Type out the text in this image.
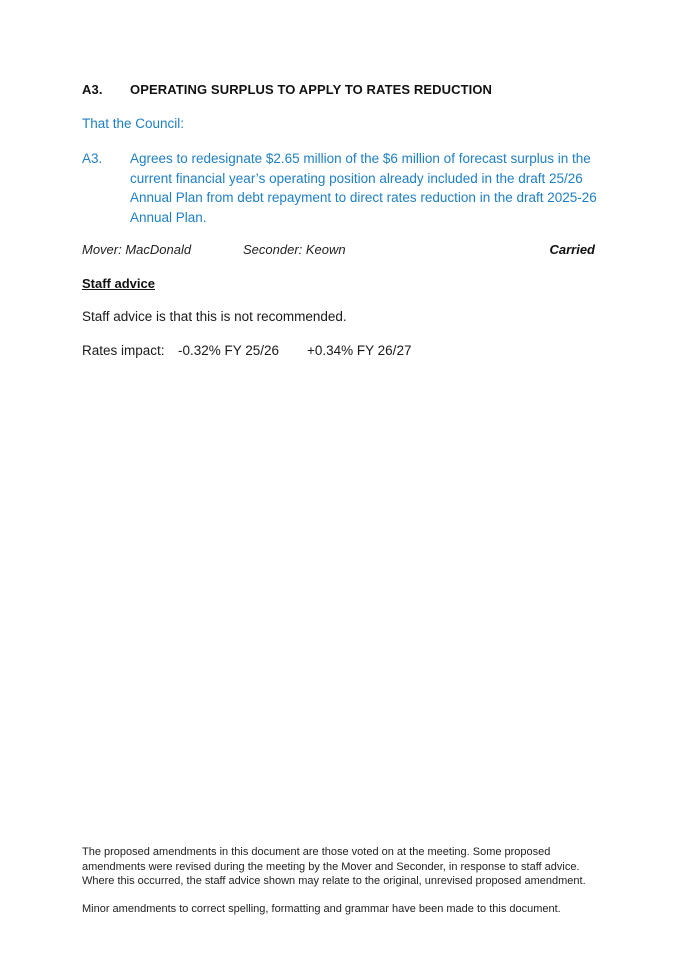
A3. OPERATING SURPLUS TO APPLY TO RATES REDUCTION
That the Council:
A3. Agrees to redesignate $2.65 million of the $6 million of forecast surplus in the current financial year’s operating position already included in the draft 25/26 Annual Plan from debt repayment to direct rates reduction in the draft 2025-26 Annual Plan.
Mover: MacDonald	Seconder: Keown	Carried
Staff advice
Staff advice is that this is not recommended.
Rates impact: -0.32% FY 25/26 +0.34% FY 26/27

The proposed amendments in this document are those voted on at the meeting. Some proposed amendments were revised during the meeting by the Mover and Seconder, in response to staff advice. Where this occurred, the staff advice shown may relate to the original, unrevised proposed amendment.

Minor amendments to correct spelling, formatting and grammar have been made to this document.
